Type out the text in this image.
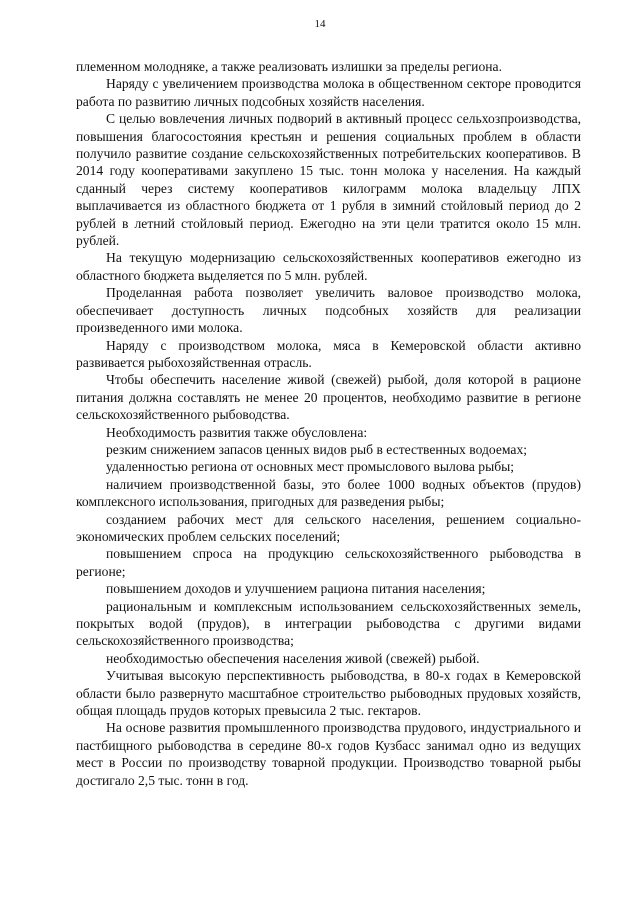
14

племенном молодняке, а также реализовать излишки за пределы региона.

Наряду с увеличением производства молока в общественном секторе проводится работа по развитию личных подсобных хозяйств населения.

С целью вовлечения личных подворий в активный процесс сельхозпроизводства, повышения благосостояния крестьян и решения социальных проблем в области получило развитие создание сельскохозяйственных потребительских кооперативов. В 2014 году кооперативами закуплено 15 тыс. тонн молока у населения. На каждый сданный через систему кооперативов килограмм молока владельцу ЛПХ выплачивается из областного бюджета от 1 рубля в зимний стойловый период до 2 рублей в летний стойловый период. Ежегодно на эти цели тратится около 15 млн. рублей.

На текущую модернизацию сельскохозяйственных кооперативов ежегодно из областного бюджета выделяется по 5 млн. рублей.

Проделанная работа позволяет увеличить валовое производство молока, обеспечивает доступность личных подсобных хозяйств для реализации произведенного ими молока.

Наряду с производством молока, мяса в Кемеровской области активно развивается рыбохозяйственная отрасль.

Чтобы обеспечить население живой (свежей) рыбой, доля которой в рационе питания должна составлять не менее 20 процентов, необходимо развитие в регионе сельскохозяйственного рыбоводства.

Необходимость развития также обусловлена:

резким снижением запасов ценных видов рыб в естественных водоемах;

удаленностью региона от основных мест промыслового вылова рыбы;

наличием производственной базы, это более 1000 водных объектов (прудов) комплексного использования, пригодных для разведения рыбы;

созданием рабочих мест для сельского населения, решением социально-экономических проблем сельских поселений;

повышением спроса на продукцию сельскохозяйственного рыбоводства в регионе;

повышением доходов и улучшением рациона питания населения;

рациональным и комплексным использованием сельскохозяйственных земель, покрытых водой (прудов), в интеграции рыбоводства с другими видами сельскохозяйственного производства;

необходимостью обеспечения населения живой (свежей) рыбой.

Учитывая высокую перспективность рыбоводства, в 80-х годах в Кемеровской области было развернуто масштабное строительство рыбоводных прудовых хозяйств, общая площадь прудов которых превысила 2 тыс. гектаров.

На основе развития промышленного производства прудового, индустриального и пастбищного рыбоводства в середине 80-х годов Кузбасс занимал одно из ведущих мест в России по производству товарной продукции. Производство товарной рыбы достигало 2,5 тыс. тонн в год.
